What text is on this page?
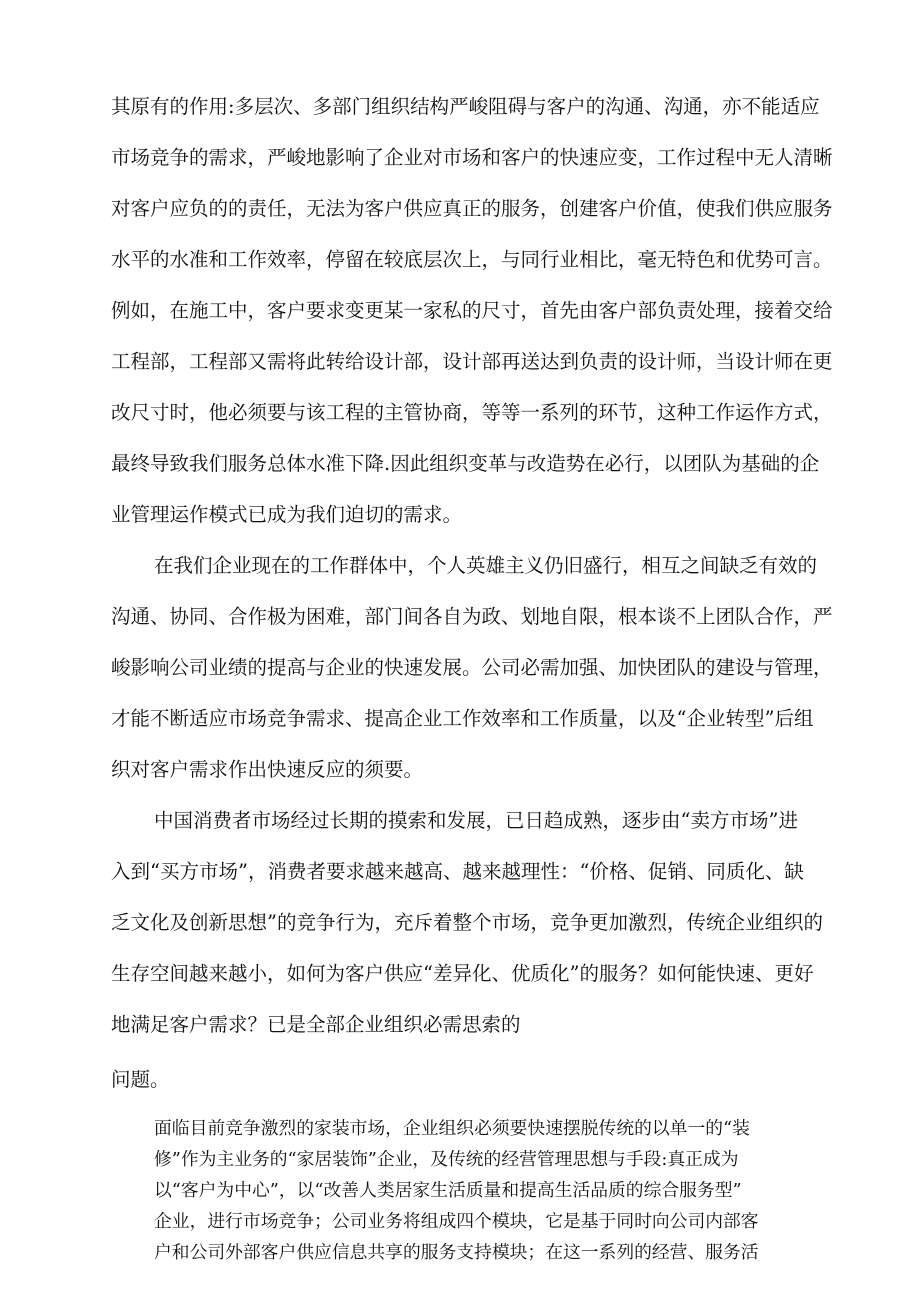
其原有的作用:多层次、多部门组织结构严峻阻碍与客户的沟通、沟通，亦不能适应
市场竞争的需求，严峻地影响了企业对市场和客户的快速应变，工作过程中无人清晰
对客户应负的的责任，无法为客户供应真正的服务，创建客户价值，使我们供应服务
水平的水准和工作效率，停留在较底层次上，与同行业相比，毫无特色和优势可言。
例如，在施工中，客户要求变更某一家私的尺寸，首先由客户部负责处理，接着交给
工程部，工程部又需将此转给设计部，设计部再送达到负责的设计师，当设计师在更
改尺寸时，他必须要与该工程的主管协商，等等一系列的环节，这种工作运作方式，
最终导致我们服务总体水准下降.因此组织变革与改造势在必行，以团队为基础的企
业管理运作模式已成为我们迫切的需求。
在我们企业现在的工作群体中，个人英雄主义仍旧盛行，相互之间缺乏有效的
沟通、协同、合作极为困难，部门间各自为政、划地自限，根本谈不上团队合作，严
峻影响公司业绩的提高与企业的快速发展。公司必需加强、加快团队的建设与管理，
才能不断适应市场竞争需求、提高企业工作效率和工作质量，以及“企业转型”后组
织对客户需求作出快速反应的须要。
中国消费者市场经过长期的摸索和发展，已日趋成熟，逐步由“卖方市场”进
入到“买方市场”，消费者要求越来越高、越来越理性：“价格、促销、同质化、缺
乏文化及创新思想”的竞争行为，充斥着整个市场，竞争更加激烈，传统企业组织的
生存空间越来越小，如何为客户供应“差异化、优质化”的服务？如何能快速、更好
地满足客户需求？已是全部企业组织必需思索的
问题。
面临目前竞争激烈的家装市场，企业组织必须要快速摆脱传统的以单一的“装
修”作为主业务的“家居装饰”企业，及传统的经营管理思想与手段:真正成为
以“客户为中心”，以“改善人类居家生活质量和提高生活品质的综合服务型”
企业，进行市场竞争；公司业务将组成四个模块，它是基于同时向公司内部客
户和公司外部客户供应信息共享的服务支持模块；在这一系列的经营、服务活
